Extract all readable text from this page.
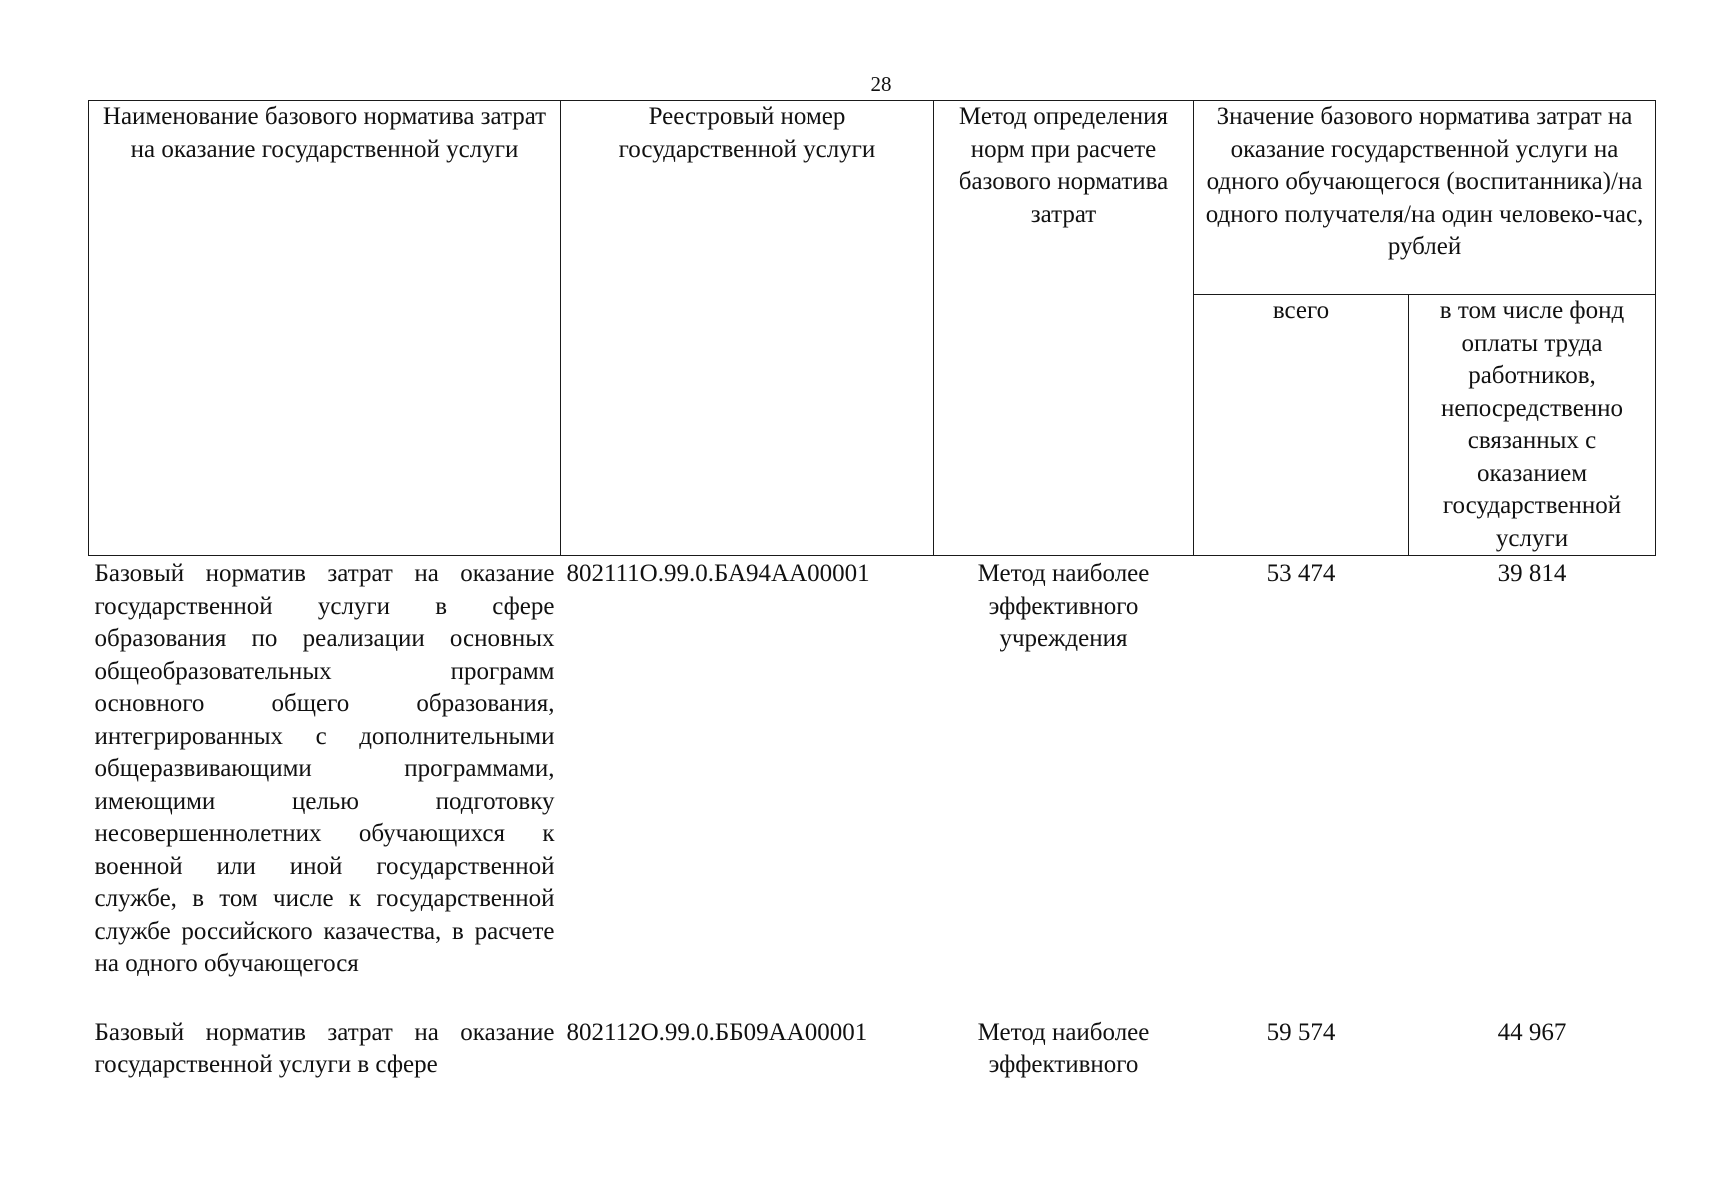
28
Наименование базового норматива затрат на оказание государственной услуги	Реестровый номер государственной услуги	Метод определения норм при расчете базового норматива затрат	Значение базового норматива затрат на оказание государственной услуги на одного обучающегося (воспитанника)/на одного получателя/на один человеко-час, рублей	
			всего	в том числе фонд оплаты труда работников, непосредственно связанных с оказанием государственной услуги
Базовый норматив затрат на оказание государственной услуги в сфере образования по реализации основных общеобразовательных программ основного общего образования, интегрированных с дополнительными общеразвивающими программами, имеющими целью подготовку несовершеннолетних обучающихся к военной или иной государственной службе, в том числе к государственной службе российского казачества, в расчете на одного обучающегося	802111О.99.0.БА94АА00001	Метод наиболее эффективного учреждения	53 474	39 814

Базовый норматив затрат на оказание государственной услуги в сфере	802112О.99.0.ББ09АА00001	Метод наиболее эффективного	59 574	44 967
